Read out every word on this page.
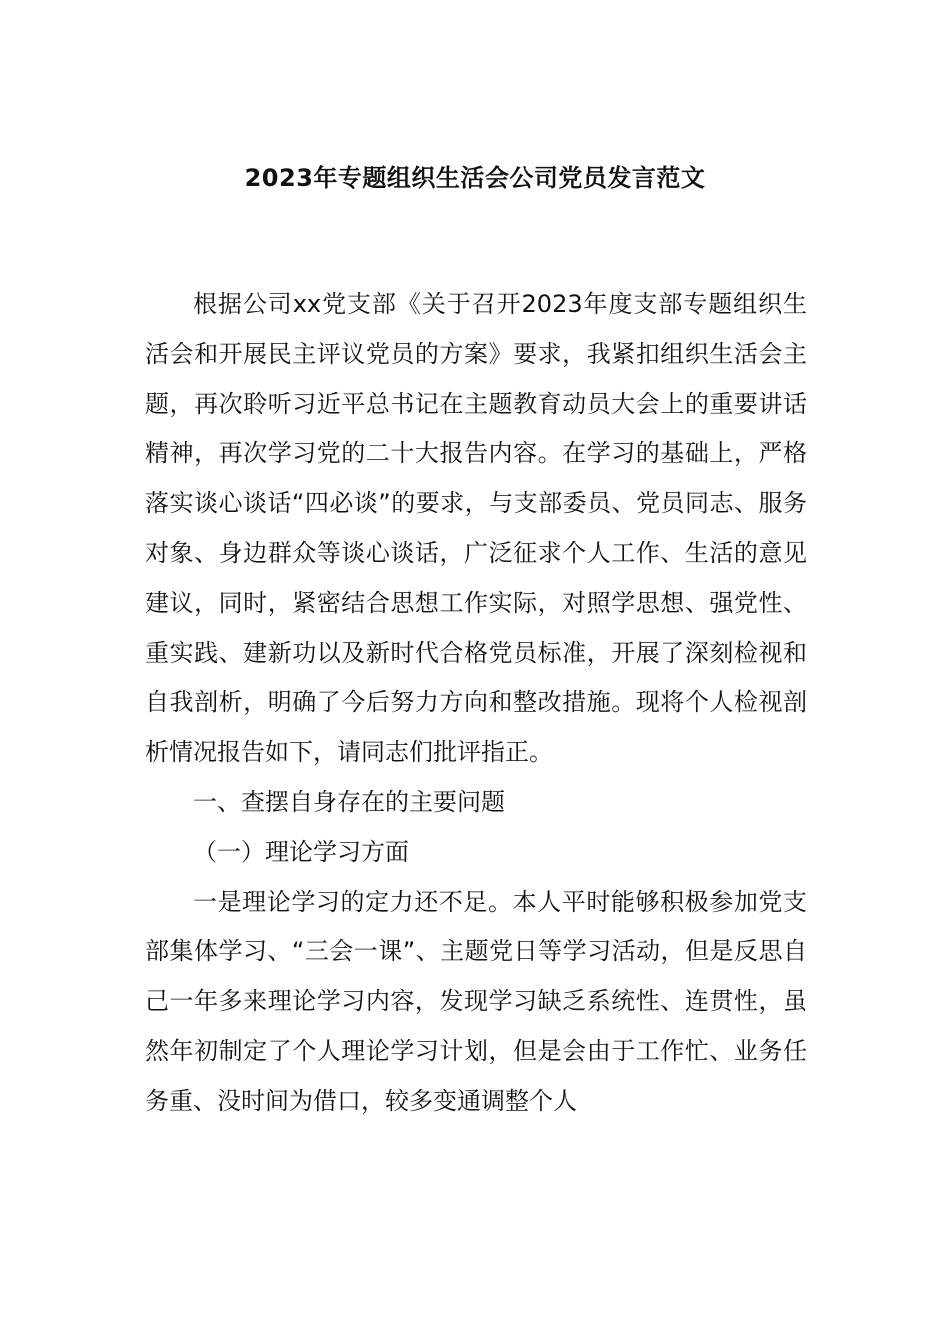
2023年专题组织生活会公司党员发言范文

根据公司xx党支部《关于召开2023年度支部专题组织生活会和开展民主评议党员的方案》要求，我紧扣组织生活会主题，再次聆听习近平总书记在主题教育动员大会上的重要讲话精神，再次学习党的二十大报告内容。在学习的基础上，严格落实谈心谈话“四必谈”的要求，与支部委员、党员同志、服务对象、身边群众等谈心谈话，广泛征求个人工作、生活的意见建议，同时，紧密结合思想工作实际，对照学思想、强党性、重实践、建新功以及新时代合格党员标准，开展了深刻检视和自我剖析，明确了今后努力方向和整改措施。现将个人检视剖析情况报告如下，请同志们批评指正。

一、查摆自身存在的主要问题

（一）理论学习方面

一是理论学习的定力还不足。本人平时能够积极参加党支部集体学习、“三会一课”、主题党日等学习活动，但是反思自己一年多来理论学习内容，发现学习缺乏系统性、连贯性，虽然年初制定了个人理论学习计划，但是会由于工作忙、业务任务重、没时间为借口，较多变通调整个人
